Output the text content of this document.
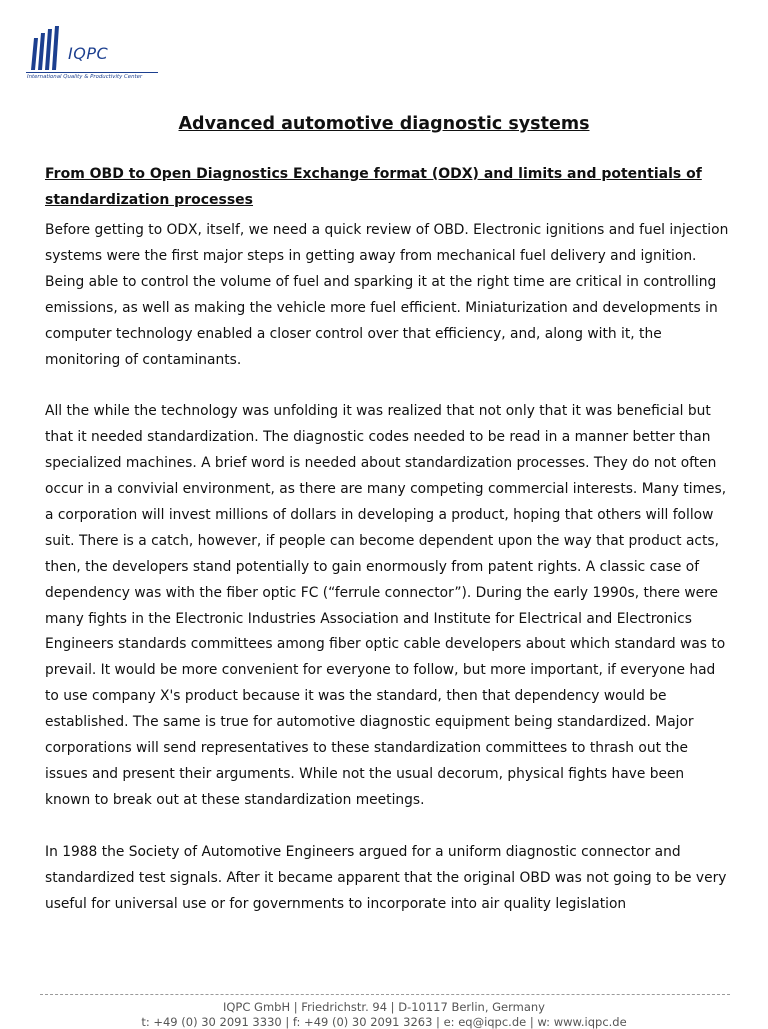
IQPC
International Quality & Productivity Center
Advanced automotive diagnostic systems
From OBD to Open Diagnostics Exchange format (ODX) and limits and potentials of standardization processes

Before getting to ODX, itself, we need a quick review of OBD. Electronic ignitions and fuel injection systems were the first major steps in getting away from mechanical fuel delivery and ignition. Being able to control the volume of fuel and sparking it at the right time are critical in controlling emissions, as well as making the vehicle more fuel efficient. Miniaturization and developments in computer technology enabled a closer control over that efficiency, and, along with it, the monitoring of contaminants.

All the while the technology was unfolding it was realized that not only that it was beneficial but that it needed standardization. The diagnostic codes needed to be read in a manner better than specialized machines. A brief word is needed about standardization processes. They do not often occur in a convivial environment, as there are many competing commercial interests. Many times, a corporation will invest millions of dollars in developing a product, hoping that others will follow suit. There is a catch, however, if people can become dependent upon the way that product acts, then, the developers stand potentially to gain enormously from patent rights. A classic case of dependency was with the fiber optic FC (“ferrule connector”). During the early 1990s, there were many fights in the Electronic Industries Association and Institute for Electrical and Electronics Engineers standards committees among fiber optic cable developers about which standard was to prevail. It would be more convenient for everyone to follow, but more important, if everyone had to use company X's product because it was the standard, then that dependency would be established. The same is true for automotive diagnostic equipment being standardized. Major corporations will send representatives to these standardization committees to thrash out the issues and present their arguments. While not the usual decorum, physical fights have been known to break out at these standardization meetings.

In 1988 the Society of Automotive Engineers argued for a uniform diagnostic connector and standardized test signals. After it became apparent that the original OBD was not going to be very useful for universal use or for governments to incorporate into air quality legislation

IQPC GmbH | Friedrichstr. 94 | D-10117 Berlin, Germany

t: +49 (0) 30 2091 3330 | f: +49 (0) 30 2091 3263 | e: eq@iqpc.de | w: www.iqpc.de
